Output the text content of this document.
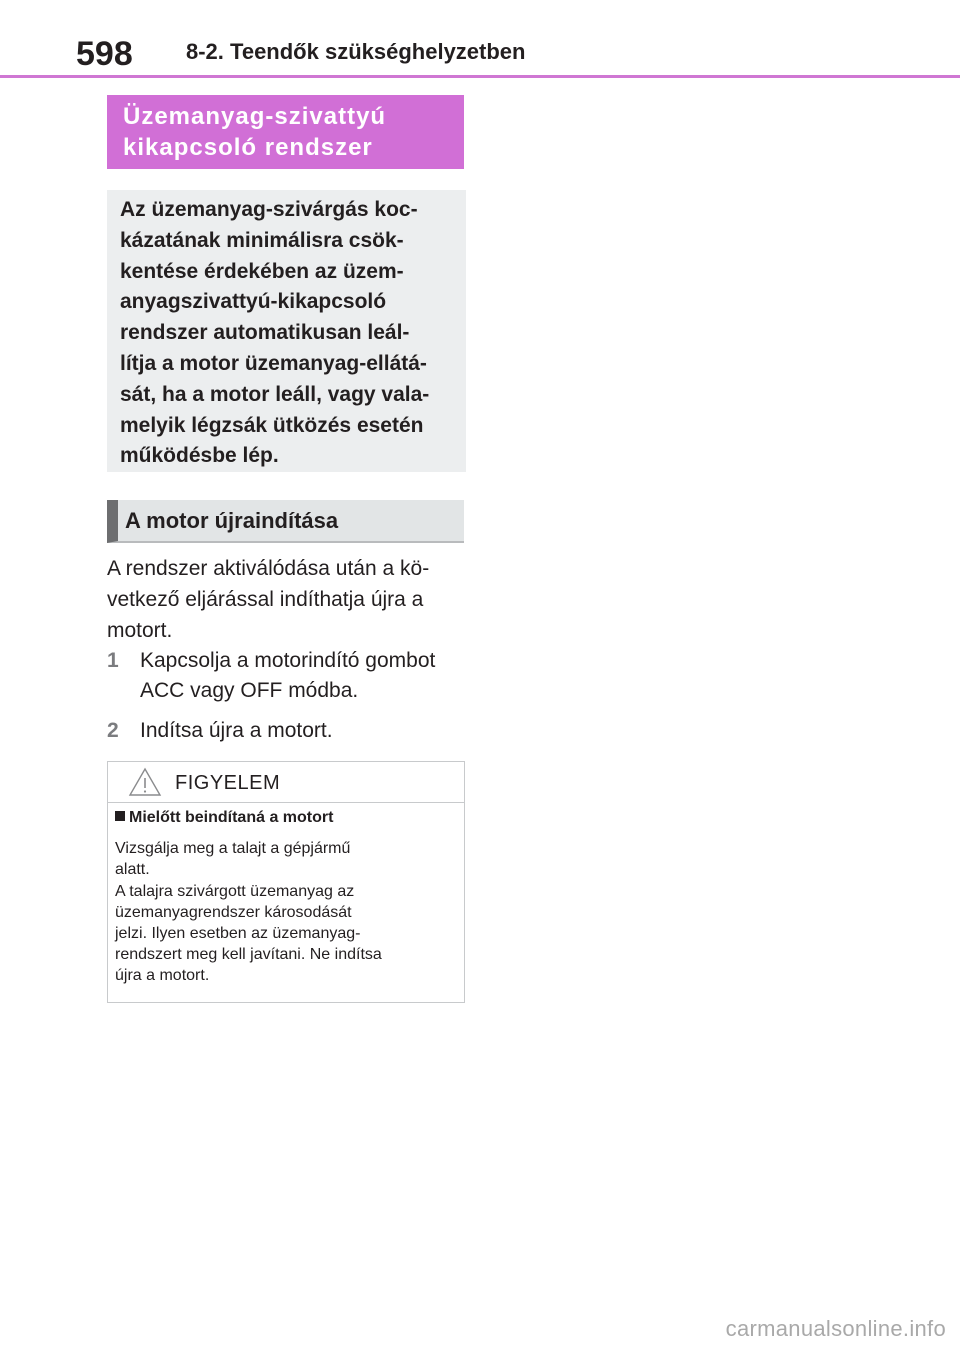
598 8-2. Teendők szükséghelyzetben
Üzemanyag-szivattyú
kikapcsoló rendszer
Az üzemanyag-szivárgás koc-
kázatának minimálisra csök-
kentése érdekében az üzem-
anyagszivattyú-kikapcsoló
rendszer automatikusan leál-
lítja a motor üzemanyag-ellátá-
sát, ha a motor leáll, vagy vala-
melyik légzsák ütközés esetén
működésbe lép.
A motor újraindítása
A rendszer aktiválódása után a kö-
vetkező eljárással indíthatja újra a
motort.
1	Kapcsolja a motorindító gombot
ACC vagy OFF módba.
2	Indítsa újra a motort.
FIGYELEM
Mielőtt beindítaná a motort

Vizsgálja meg a talajt a gépjármű
alatt.

A talajra szivárgott üzemanyag az
üzemanyagrendszer károsodását
jelzi. Ilyen esetben az üzemanyag-
rendszert meg kell javítani. Ne indítsa
újra a motort.

carmanualsonline.info
